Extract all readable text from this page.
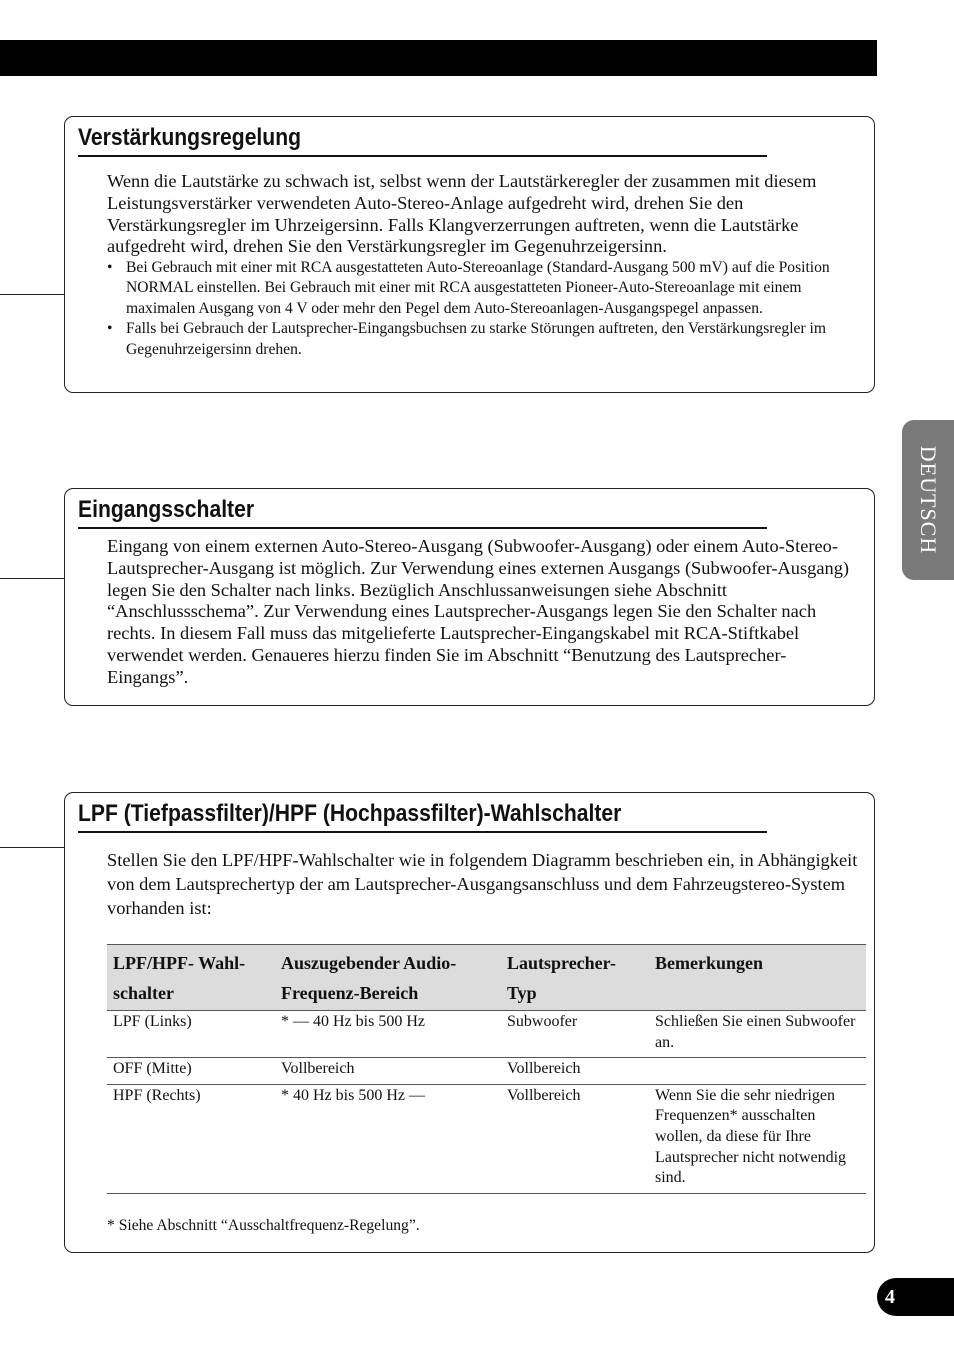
Verstärkungsregelung

Wenn die Lautstärke zu schwach ist, selbst wenn der Lautstärkeregler der zusammen mit diesem Leistungsverstärker verwendeten Auto-Stereo-Anlage aufgedreht wird, drehen Sie den Verstärkungsregler im Uhrzeigersinn. Falls Klangverzerrungen auftreten, wenn die Lautstärke aufgedreht wird, drehen Sie den Verstärkungsregler im Gegenuhrzeigersinn.

• Bei Gebrauch mit einer mit RCA ausgestatteten Auto-Stereoanlage (Standard-Ausgang 500 mV) auf die Position NORMAL einstellen. Bei Gebrauch mit einer mit RCA ausgestatteten Pioneer-Auto-Stereoanlage mit einem maximalen Ausgang von 4 V oder mehr den Pegel dem Auto-Stereoanlagen-Ausgangspegel anpassen.
• Falls bei Gebrauch der Lautsprecher-Eingangsbuchsen zu starke Störungen auftreten, den Verstärkungsregler im Gegenuhrzeigersinn drehen.
Eingangsschalter

Eingang von einem externen Auto-Stereo-Ausgang (Subwoofer-Ausgang) oder einem Auto-Stereo-Lautsprecher-Ausgang ist möglich. Zur Verwendung eines externen Ausgangs (Subwoofer-Ausgang) legen Sie den Schalter nach links. Bezüglich Anschlussanweisungen siehe Abschnitt “Anschlussschema”. Zur Verwendung eines Lautsprecher-Ausgangs legen Sie den Schalter nach rechts. In diesem Fall muss das mitgelieferte Lautsprecher-Eingangskabel mit RCA-Stiftkabel verwendet werden. Genaueres hierzu finden Sie im Abschnitt “Benutzung des Lautsprecher-Eingangs”.

LPF (Tiefpassfilter)/HPF (Hochpassfilter)-Wahlschalter

Stellen Sie den LPF/HPF-Wahlschalter wie in folgendem Diagramm beschrieben ein, in Abhängigkeit von dem Lautsprechertyp der am Lautsprecher-Ausgangsanschluss und dem Fahrzeugstereo-System vorhanden ist:

LPF/HPF- Wahl-schalter	Auszugebender Audio-Frequenz-Bereich	Lautsprecher-Typ	Bemerkungen
LPF (Links)	* — 40 Hz bis 500 Hz	Subwoofer	Schließen Sie einen Subwoofer an.
OFF (Mitte)	Vollbereich	Vollbereich	
HPF (Rechts)	* 40 Hz bis 500 Hz —	Vollbereich	Wenn Sie die sehr niedrigen Frequenzen* ausschalten wollen, da diese für Ihre Lautsprecher nicht notwendig sind.

* Siehe Abschnitt “Ausschaltfrequenz-Regelung”.

DEUTSCH
4
